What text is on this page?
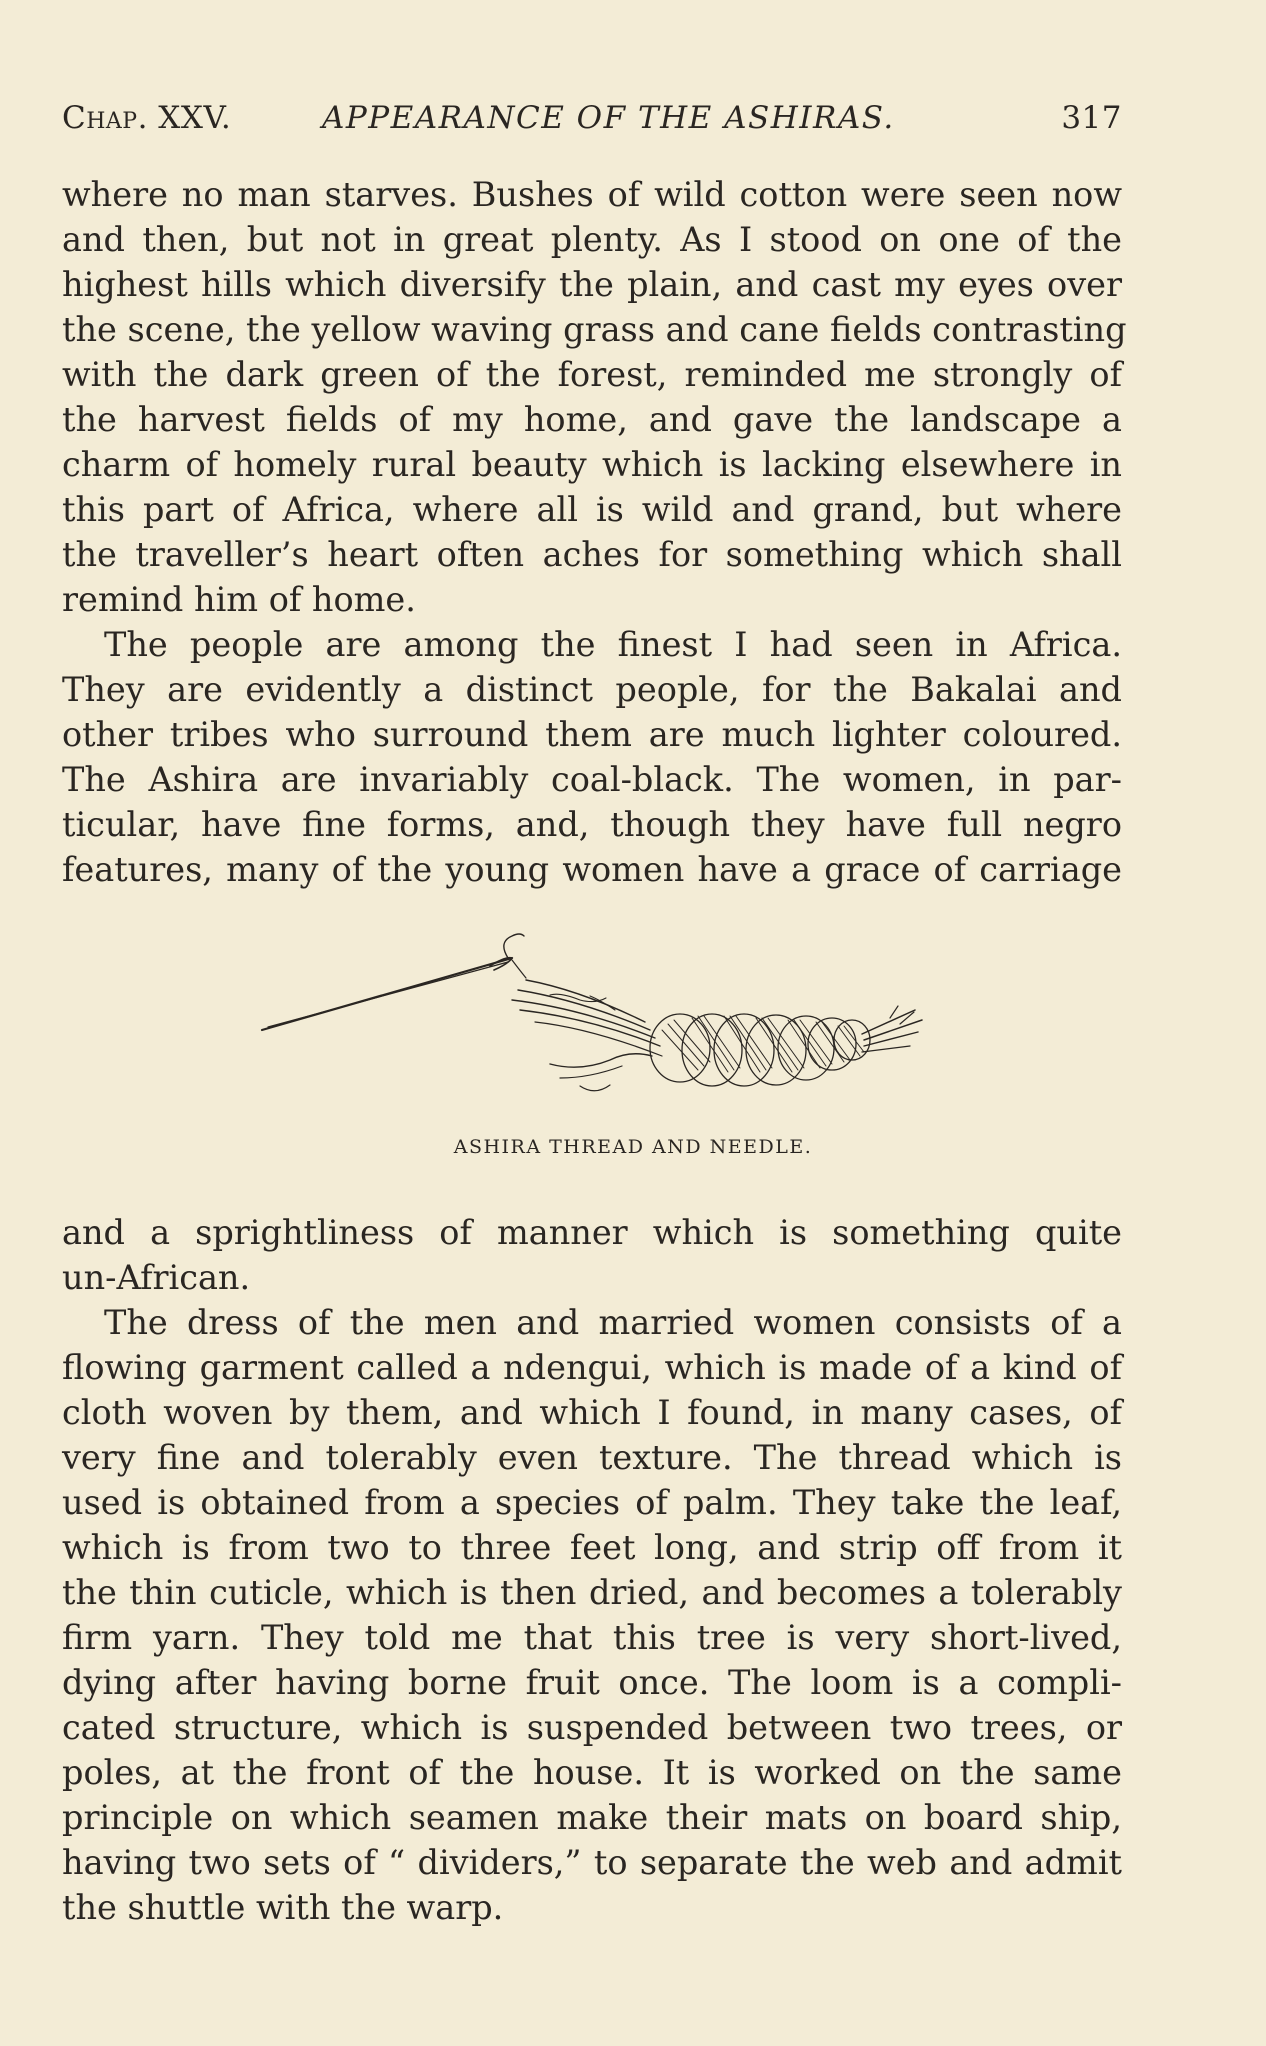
Chap. XXV.	APPEARANCE OF THE ASHIRAS.	317
where no man starves. Bushes of wild cotton were seen now
and then, but not in great plenty. As I stood on one of the
highest hills which diversify the plain, and cast my eyes over
the scene, the yellow waving grass and cane fields contrasting
with the dark green of the forest, reminded me strongly of
the harvest fields of my home, and gave the landscape a
charm of homely rural beauty which is lacking elsewhere in
this part of Africa, where all is wild and grand, but where
the traveller’s heart often aches for something which shall
remind him of home.
The people are among the finest I had seen in Africa.
They are evidently a distinct people, for the Bakalai and
other tribes who surround them are much lighter coloured.
The Ashira are invariably coal-black. The women, in par-
ticular, have fine forms, and, though they have full negro
features, many of the young women have a grace of carriage
ASHIRA THREAD AND NEEDLE.
and a sprightliness of manner which is something quite
un-African.
The dress of the men and married women consists of a
flowing garment called a ndengui, which is made of a kind of
cloth woven by them, and which I found, in many cases, of
very fine and tolerably even texture. The thread which is
used is obtained from a species of palm. They take the leaf,
which is from two to three feet long, and strip off from it
the thin cuticle, which is then dried, and becomes a tolerably
firm yarn. They told me that this tree is very short-lived,
dying after having borne fruit once. The loom is a compli-
cated structure, which is suspended between two trees, or
poles, at the front of the house. It is worked on the same
principle on which seamen make their mats on board ship,
having two sets of “ dividers,” to separate the web and admit
the shuttle with the warp.
